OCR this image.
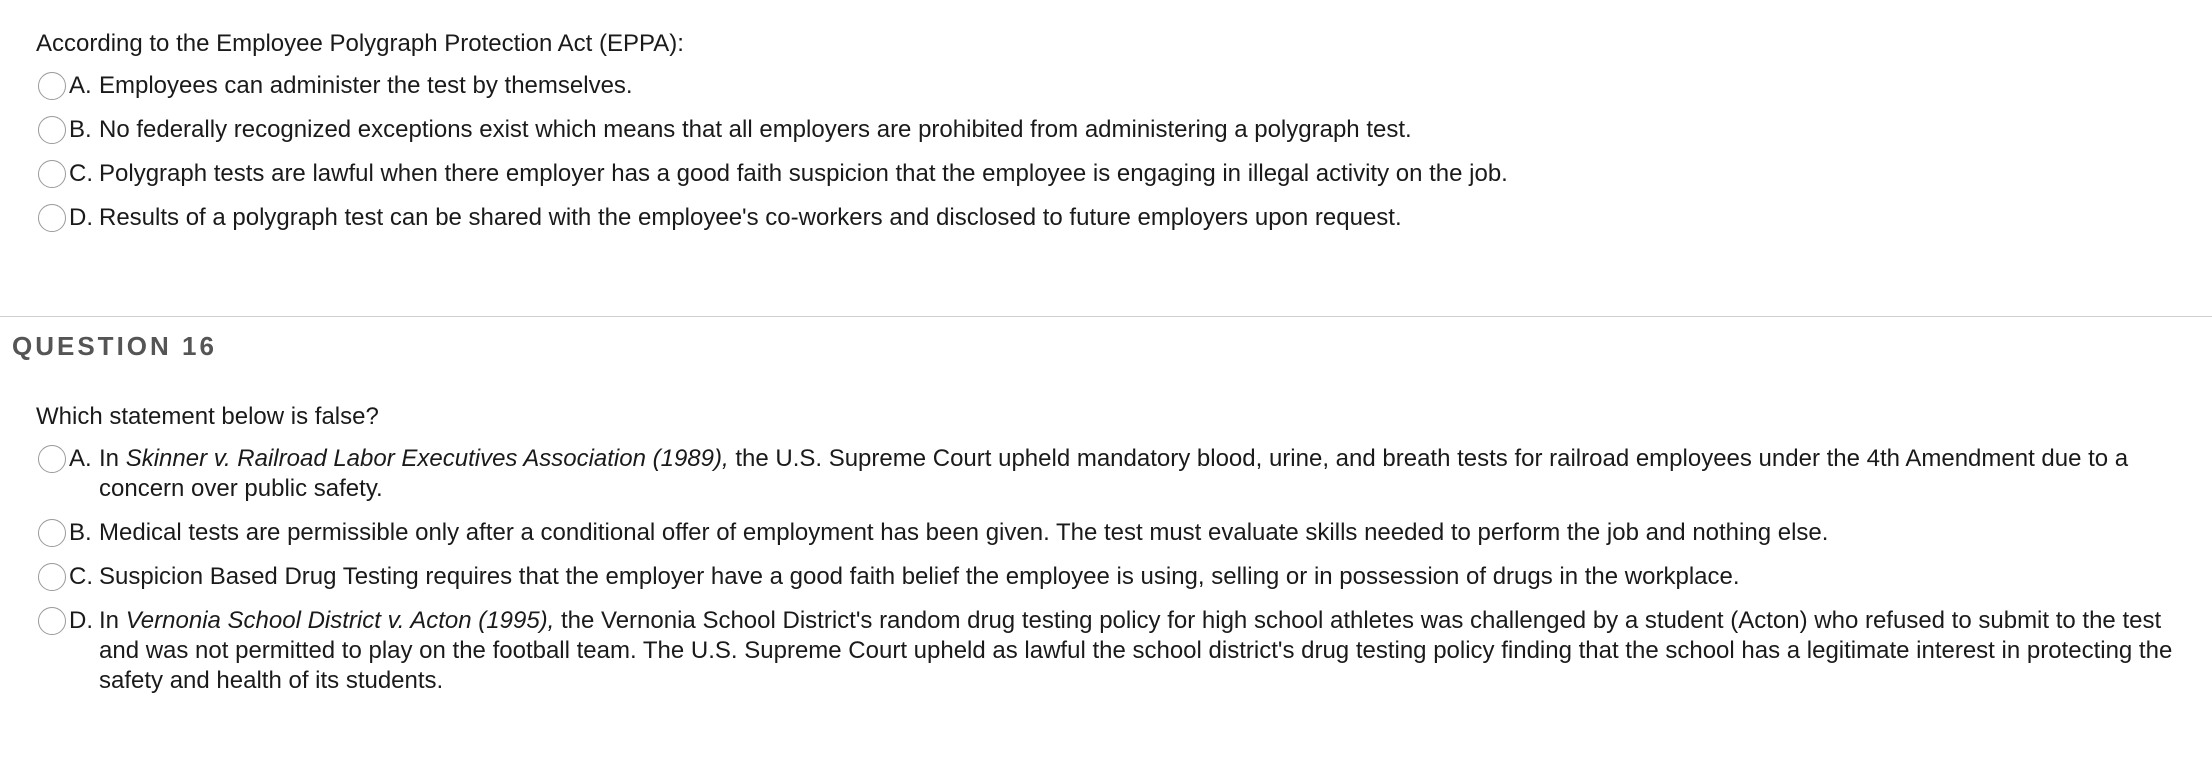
According to the Employee Polygraph Protection Act (EPPA):
A. Employees can administer the test by themselves.
B. No federally recognized exceptions exist which means that all employers are prohibited from administering a polygraph test.
C. Polygraph tests are lawful when there employer has a good faith suspicion that the employee is engaging in illegal activity on the job.
D. Results of a polygraph test can be shared with the employee's co-workers and disclosed to future employers upon request.
QUESTION 16
Which statement below is false?
A. In Skinner v. Railroad Labor Executives Association (1989), the U.S. Supreme Court upheld mandatory blood, urine, and breath tests for railroad employees under the 4th Amendment due to a concern over public safety.
B. Medical tests are permissible only after a conditional offer of employment has been given. The test must evaluate skills needed to perform the job and nothing else.
C. Suspicion Based Drug Testing requires that the employer have a good faith belief the employee is using, selling or in possession of drugs in the workplace.
D. In Vernonia School District v. Acton (1995), the Vernonia School District's random drug testing policy for high school athletes was challenged by a student (Acton) who refused to submit to the test and was not permitted to play on the football team. The U.S. Supreme Court upheld as lawful the school district's drug testing policy finding that the school has a legitimate interest in protecting the safety and health of its students.
